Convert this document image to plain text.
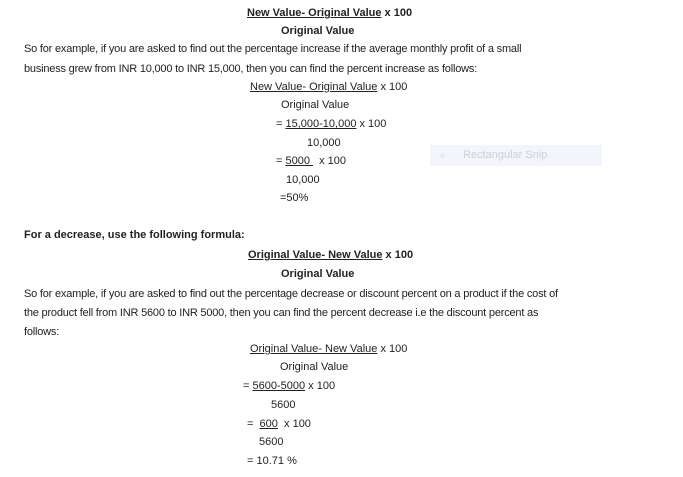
New Value- Original Value x 100
Original Value
So for example, if you are asked to find out the percentage increase if the average monthly profit of a small
business grew from INR 10,000 to INR 15,000, then you can find the percent increase as follows:
New Value- Original Value x 100
Original Value
= 15,000-10,000 x 100
10,000
Rectangular Snip
= 5000   x 100
10,000
=50%
For a decrease, use the following formula:
Original Value- New Value x 100
Original Value
So for example, if you are asked to find out the percentage decrease or discount percent on a product if the cost of
the product fell from INR 5600 to INR 5000, then you can find the percent decrease i.e the discount percent as
follows:
Original Value- New Value x 100
Original Value
= 5600-5000 x 100
5600
=  600  x 100
5600
= 10.71 %
